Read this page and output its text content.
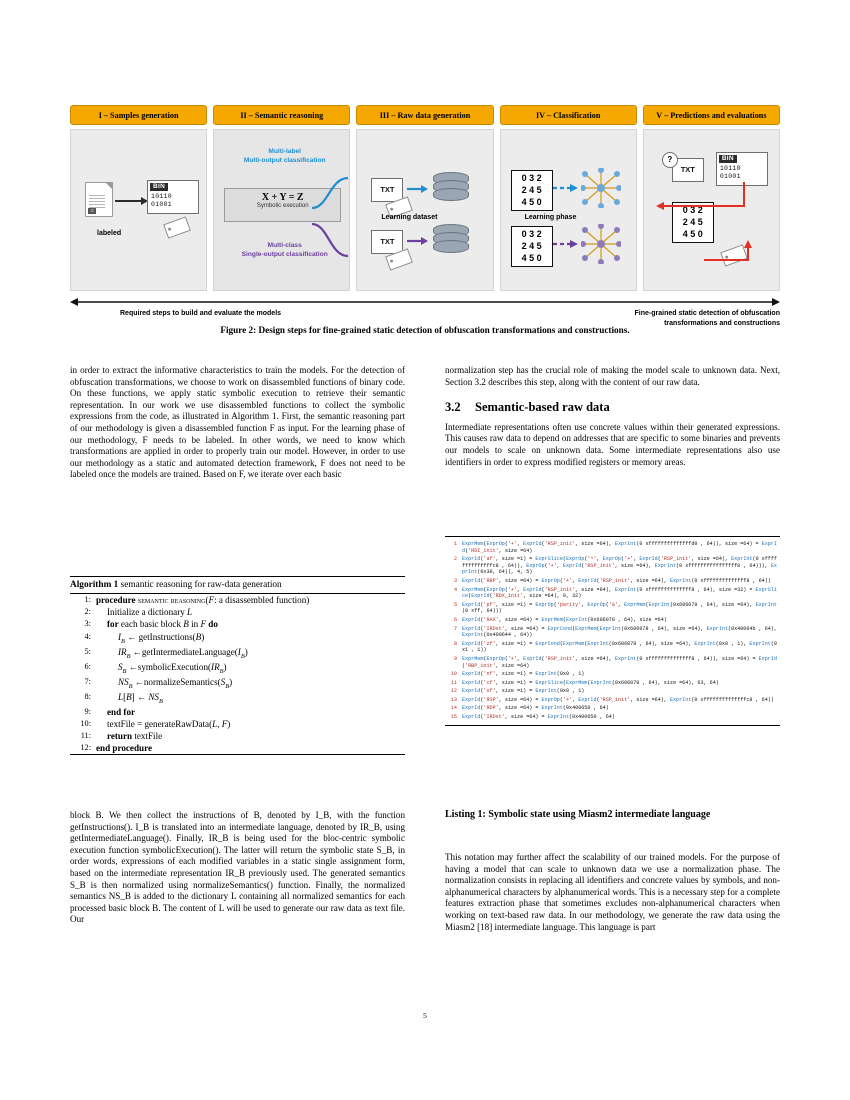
I – Samples generation	II – Semantic reasoning	III – Raw data generation	IV – Classification	V – Predictions and evaluations
.c
BIN
10110
01001
labeled
X + Y = Z
Symbolic execution
Multi-label
Multi-output classification
Multi-class
Single-output classification
TXT
TXT
Learning dataset
0 3 2
2 4 5
4 5 0
0 3 2
2 4 5
4 5 0
Learning phase
TXT
?	BIN
10110
01001
0 3 2
2 4 5
4 5 0
Required steps to build and evaluate the models	Fine-grained static detection of obfuscation
transformations and constructions
Figure 2: Design steps for fine-grained static detection of obfuscation transformations and constructions.

in order to extract the informative characteristics to train the models. For the detection of obfuscation transformations, we choose to work on disassembled functions of binary code. On these functions, we apply static symbolic execution to retrieve their semantic representation. In our work we use disassembled functions to collect the symbolic expressions from the code, as illustrated in Algorithm 1. First, the semantic reasoning part of our methodology is given a disassembled function F as input. For the learning phase of our methodology, F needs to be labeled. In other words, we need to know which transformations are applied in order to properly train our model. However, in order to use our methodology as a static and automated detection framework, F does not need to be labeled once the models are trained. Based on F, we iterate over each basic

Algorithm 1 semantic reasoning for raw-data generation
1:	procedure semantic reasoning(F: a disassembled function)
2:	Initialize a dictionary L
3:	for each basic block B in F do
4:	$I_B$ ← getInstructions(B)
5:	$IR_B$ $\leftarrow getIntermediateLanguage(I_B)$
6:	$S_B$ $\leftarrow symbolicExecution(IR_B)$
7:	$NS_B$ $\leftarrow normalizeSemantics(S_B)$
8:	L[B] ← $NS_B$
9:	end for
10:	textFile = generateRawData(L, F)
11:	return textFile
12:	end procedure

block B. We then collect the instructions of B, denoted by I_B, with the function getInstructions(). I_B is translated into an intermediate language, denoted by IR_B, using getIntermediateLanguage(). Finally, IR_B is being used for the bloc-centric symbolic execution function symbolicExecution(). The latter will return the symbolic state S_B, in order words, expressions of each modified variables in a static single assignment form, based on the intermediate representation IR_B previously used. The generated semantics S_B is then normalized using normalizeSemantics() function. Finally, the normalized semantics NS_B is added to the dictionary L containing all normalized semantics for each processed basic block B. The content of L will be used to generate our raw data as text file. Our

normalization step has the crucial role of making the model scale to unknown data. Next, Section 3.2 describes this step, along with the content of our raw data.

3.2 Semantic-based raw data

Intermediate representations often use concrete values within their generated expressions. This causes raw data to depend on addresses that are specific to some binaries and prevents our models to scale on unknown data. Some intermediate representations also use identifiers in order to express modified registers or memory areas.

1	ExprMem(ExprOp('+', ExprId('RSP_init', size =64), ExprInt(0 xffffffffffffffd0 , 64)), size =64) = ExprId('RDI_init', size =64)
2	ExprId('af', size =1) = ExprSlice(ExprOp('^', ExprOp('+', ExprId('RSP_init', size =64), ExprInt(0 xffffffffffffffc8 , 64)), ExprOp('+', ExprId('RSP_init', size =64), ExprInt(0 xffffffffffffffff8 , 64))), ExprInt(0x30, 64)), 4, 5)
3	ExprId('RBP', size =64) = ExprOp('+', ExprId('RSP_init', size =64), ExprInt(0 xffffffffffffff8 , 64))
4	ExprMem(ExprOp('+', ExprId('RSP_init', size =64), ExprInt(0 xffffffffffffff8 , 64), size =32) = ExprSlice(ExprId('RDX_init', size =64), 0, 32)
5	ExprId('pf', size =1) = ExprOp('parity', ExprOp('&', ExprMem(ExprInt(0x606078 , 64), size =64), ExprInt(0 xff, 64)))
6	ExprId('RAX', size =64) = ExprMem(ExprInt(0x606078 , 64), size =64)
7	ExprId('IRDst', size =64) = ExprCond(ExprMem(ExprInt(0x606078 , 64), size =64), ExprInt(0x40064b , 64), ExprInt(0x400644 , 64))
8	ExprId('zf', size =1) = ExprCond(ExprMem(ExprInt(0x606078 , 64), size =64), ExprInt(0x0 , 1), ExprInt(0x1 , 1))
9	ExprMem(ExprOp('+', ExprId('RSP_init', size =64), ExprInt(0 xffffffffffffff8 , 64)), size =64) = ExprId('RBP_init', size =64)
10	ExprId('nf', size =1) = ExprInt(0x0 , 1)
11	ExprId('cf', size =1) = ExprSlice(ExprMem(ExprInt(0x606078 , 64), size =64), 63, 64)
12	ExprId('of', size =1) = ExprInt(0x0 , 1)
13	ExprId('RSP', size =64) = ExprOp('+', ExprId('RSP_init', size =64), ExprInt(0 xffffffffffffffc8 , 64))
14	ExprId('RDP', size =64) = ExprInt(0x400650 , 64)
15	ExprId('IRDst', size =64) = ExprInt(0x400650 , 64)
Listing 1: Symbolic state using Miasm2 intermediate language

This notation may further affect the scalability of our trained models. For the purpose of having a model that can scale to unknown data we use a normalization phase. The normalization consists in replacing all identifiers and concrete values by symbols, and non-alphanumerical characters by alphanumerical words. This is a necessary step for a complete features extraction phase that sometimes excludes non-alphanumerical characters when working on text-based raw data. In our methodology, we generate the raw data using the Miasm2 [18] intermediate language. This language is part

5
